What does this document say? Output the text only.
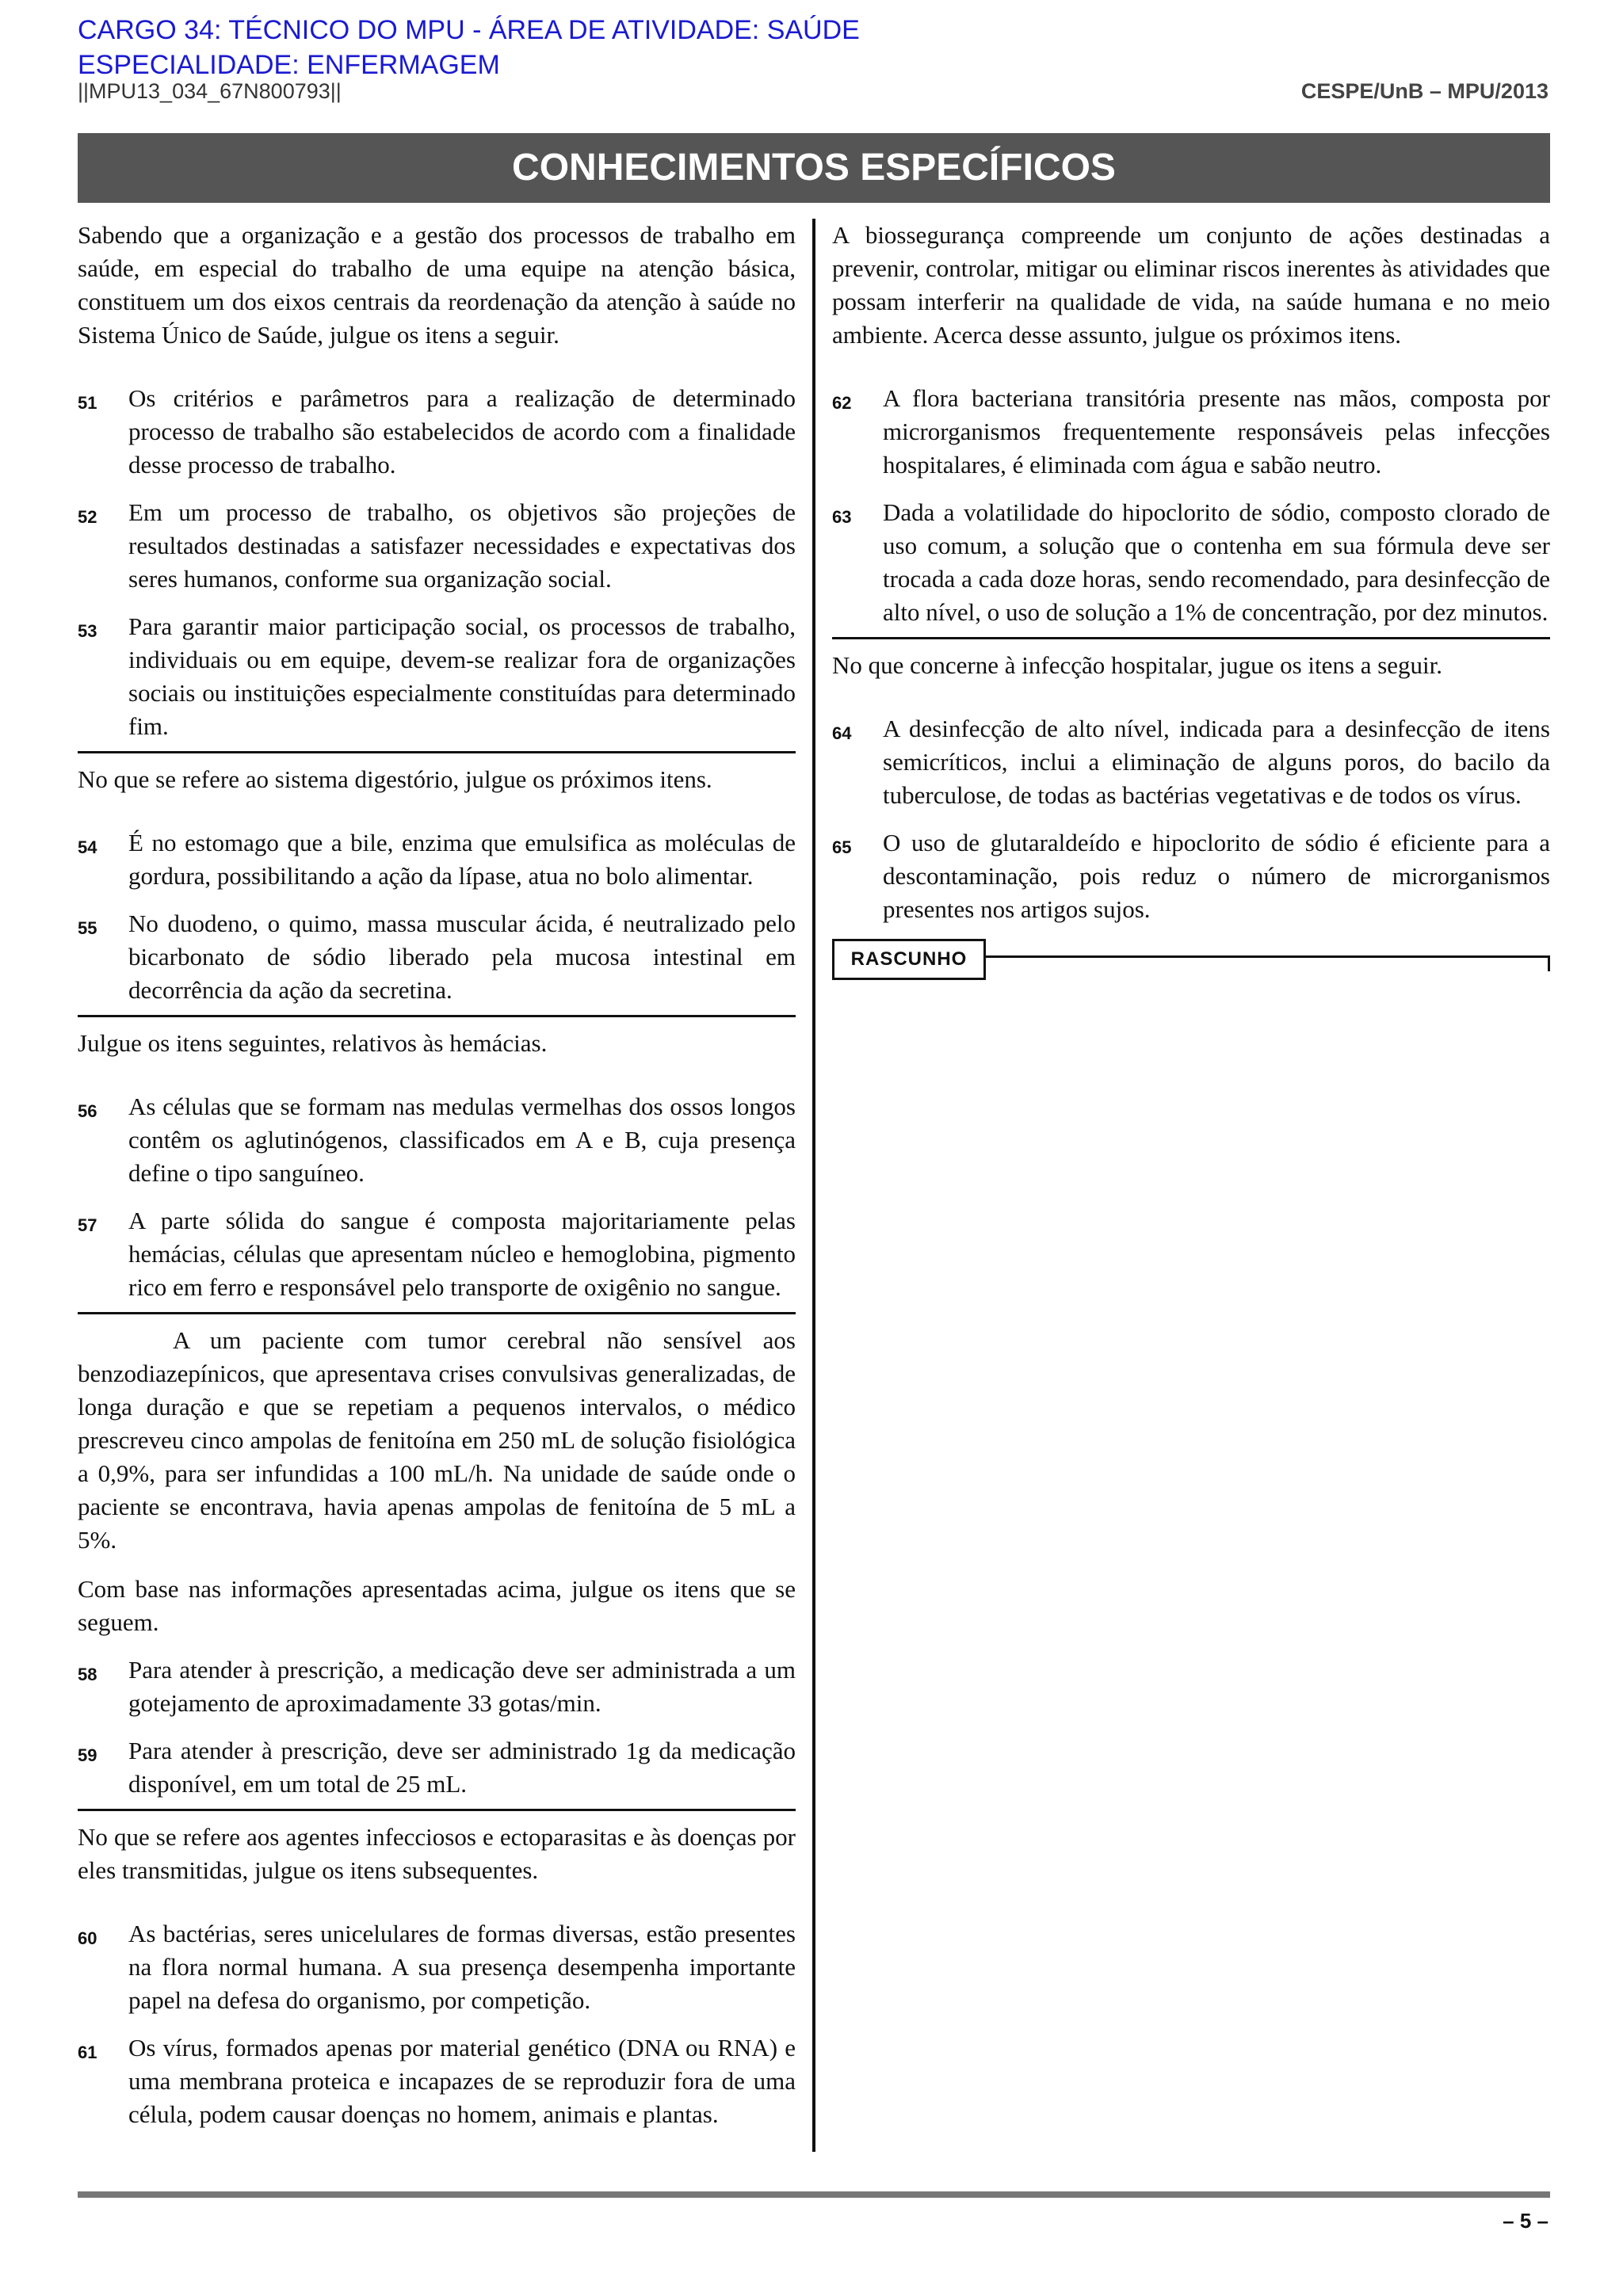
CARGO 34: TÉCNICO DO MPU - ÁREA DE ATIVIDADE: SAÚDE
ESPECIALIDADE: ENFERMAGEM
||MPU13_034_67N800793||	CESPE/UnB – MPU/2013
CONHECIMENTOS ESPECÍFICOS

Sabendo que a organização e a gestão dos processos de trabalho em saúde, em especial do trabalho de uma equipe na atenção básica, constituem um dos eixos centrais da reordenação da atenção à saúde no Sistema Único de Saúde, julgue os itens a seguir.

51	Os critérios e parâmetros para a realização de determinado processo de trabalho são estabelecidos de acordo com a finalidade desse processo de trabalho.
52	Em um processo de trabalho, os objetivos são projeções de resultados destinadas a satisfazer necessidades e expectativas dos seres humanos, conforme sua organização social.
53	Para garantir maior participação social, os processos de trabalho, individuais ou em equipe, devem-se realizar fora de organizações sociais ou instituições especialmente constituídas para determinado fim.

No que se refere ao sistema digestório, julgue os próximos itens.

54	É no estomago que a bile, enzima que emulsifica as moléculas de gordura, possibilitando a ação da lípase, atua no bolo alimentar.
55	No duodeno, o quimo, massa muscular ácida, é neutralizado pelo bicarbonato de sódio liberado pela mucosa intestinal em decorrência da ação da secretina.

Julgue os itens seguintes, relativos às hemácias.

56	As células que se formam nas medulas vermelhas dos ossos longos contêm os aglutinógenos, classificados em A e B, cuja presença define o tipo sanguíneo.
57	A parte sólida do sangue é composta majoritariamente pelas hemácias, células que apresentam núcleo e hemoglobina, pigmento rico em ferro e responsável pelo transporte de oxigênio no sangue.

A um paciente com tumor cerebral não sensível aos benzodiazepínicos, que apresentava crises convulsivas generalizadas, de longa duração e que se repetiam a pequenos intervalos, o médico prescreveu cinco ampolas de fenitoína em 250 mL de solução fisiológica a 0,9%, para ser infundidas a 100 mL/h. Na unidade de saúde onde o paciente se encontrava, havia apenas ampolas de fenitoína de 5 mL a 5%.

Com base nas informações apresentadas acima, julgue os itens que se seguem.

58	Para atender à prescrição, a medicação deve ser administrada a um gotejamento de aproximadamente 33 gotas/min.
59	Para atender à prescrição, deve ser administrado 1g da medicação disponível, em um total de 25 mL.

No que se refere aos agentes infecciosos e ectoparasitas e às doenças por eles transmitidas, julgue os itens subsequentes.

60	As bactérias, seres unicelulares de formas diversas, estão presentes na flora normal humana. A sua presença desempenha importante papel na defesa do organismo, por competição.
61	Os vírus, formados apenas por material genético (DNA ou RNA) e uma membrana proteica e incapazes de se reproduzir fora de uma célula, podem causar doenças no homem, animais e plantas.

A biossegurança compreende um conjunto de ações destinadas a prevenir, controlar, mitigar ou eliminar riscos inerentes às atividades que possam interferir na qualidade de vida, na saúde humana e no meio ambiente. Acerca desse assunto, julgue os próximos itens.

62	A flora bacteriana transitória presente nas mãos, composta por microrganismos frequentemente responsáveis pelas infecções hospitalares, é eliminada com água e sabão neutro.
63	Dada a volatilidade do hipoclorito de sódio, composto clorado de uso comum, a solução que o contenha em sua fórmula deve ser trocada a cada doze horas, sendo recomendado, para desinfecção de alto nível, o uso de solução a 1% de concentração, por dez minutos.

No que concerne à infecção hospitalar, jugue os itens a seguir.

64	A desinfecção de alto nível, indicada para a desinfecção de itens semicríticos, inclui a eliminação de alguns poros, do bacilo da tuberculose, de todas as bactérias vegetativas e de todos os vírus.
65	O uso de glutaraldeído e hipoclorito de sódio é eficiente para a descontaminação, pois reduz o número de microrganismos presentes nos artigos sujos.
RASCUNHO
– 5 –
